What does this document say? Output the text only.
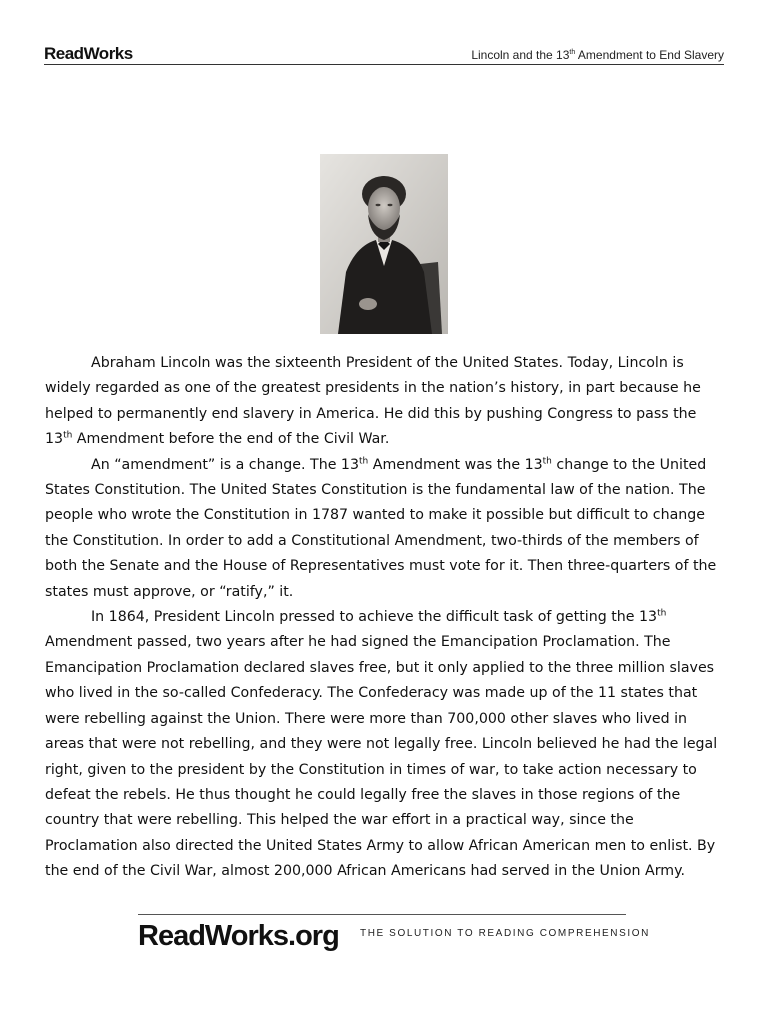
ReadWorks	Lincoln and the 13th Amendment to End Slavery

Abraham Lincoln was the sixteenth President of the United States. Today, Lincoln is widely regarded as one of the greatest presidents in the nation’s history, in part because he helped to permanently end slavery in America. He did this by pushing Congress to pass the 13th Amendment before the end of the Civil War.

An “amendment” is a change. The 13th Amendment was the 13th change to the United States Constitution. The United States Constitution is the fundamental law of the nation. The people who wrote the Constitution in 1787 wanted to make it possible but difficult to change the Constitution. In order to add a Constitutional Amendment, two-thirds of the members of both the Senate and the House of Representatives must vote for it. Then three-quarters of the states must approve, or “ratify,” it.

In 1864, President Lincoln pressed to achieve the difficult task of getting the 13th Amendment passed, two years after he had signed the Emancipation Proclamation. The Emancipation Proclamation declared slaves free, but it only applied to the three million slaves who lived in the so-called Confederacy. The Confederacy was made up of the 11 states that were rebelling against the Union. There were more than 700,000 other slaves who lived in areas that were not rebelling, and they were not legally free. Lincoln believed he had the legal right, given to the president by the Constitution in times of war, to take action necessary to defeat the rebels. He thus thought he could legally free the slaves in those regions of the country that were rebelling. This helped the war effort in a practical way, since the Proclamation also directed the United States Army to allow African American men to enlist. By the end of the Civil War, almost 200,000 African Americans had served in the Union Army.

ReadWorks.org THE SOLUTION TO READING COMPREHENSION
